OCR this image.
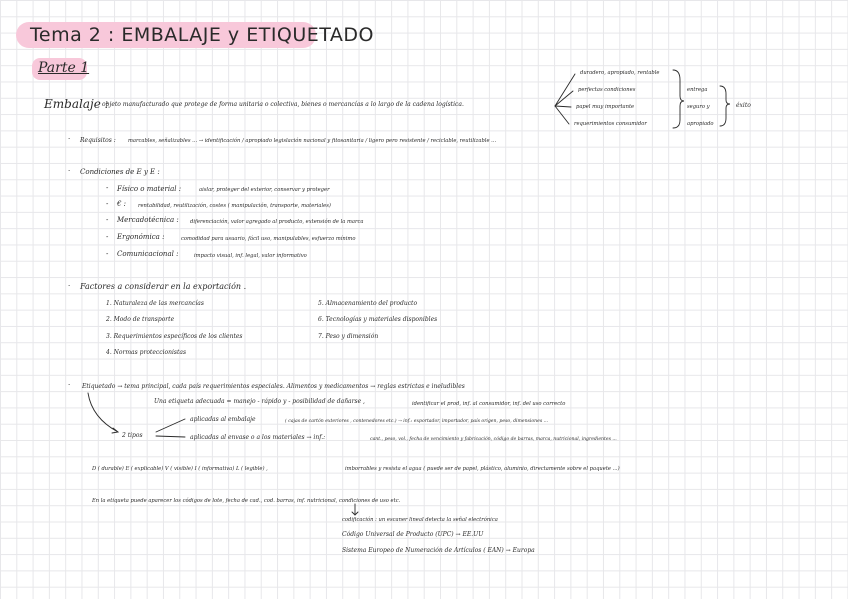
Tema 2 : EMBALAJE y ETIQUETADO
Parte 1
Embalaje :
objeto manufacturado que protege de forma unitaria o colectiva, bienes o mercancías a lo largo de la cadena logística.
duradero, apropiado, rentable
perfectas condiciones
papel muy importante
requerimientos consumidor
entrega
seguro y
apropiado
éxito
· Requisitos : marcables, señalizables ... → identificación / apropiado legislación nacional y fitosanitaria / ligero pero resistente / reciclable, reutilizable ...
· Condiciones de E y E :
- Físico o material :	aislar, proteger del exterior, conservar y proteger
- € : rentabilidad, reutilización, costes ( manipulación, transporte, materiales)
- Mercadotécnica : diferenciación, valor agregado al producto, extensión de la marca
- Ergonómica :	comodidad para usuario, fácil uso, manipulables, esfuerzo mínimo
- Comunicacional :	impacto visual, inf. legal, valor informativo
· Factores a considerar en la exportación .
1. Naturaleza de las mercancías
2. Modo de transporte
3. Requerimientos específicos de los clientes
4. Normas proteccionistas
5. Almacenamiento del producto
6. Tecnologías y materiales disponibles
7. Peso y dimensión
· Etiquetado → tema principal, cada país requerimientos especiales. Alimentos y medicamentos → reglas estrictas e ineludibles
Una etiqueta adecuada = manejo - rápido y - posibilidad de dañarse ,	identificar el prod, inf. al consumidor, inf. del uso correcto
2 tipos
aplicadas al embalaje	( cajas de cartón exteriores , contenedores etc.) → inf.: exportador, importador, país origen, peso, dimensiones ...
aplicadas al envase o a los materiales → inf.:	cant., peso, vol., fecha de vencimiento y fabricación, código de barras, marca, nutricional, ingredientes ...
D ( durable) E ( explicable) V ( visible) I ( informativa) L ( legible) ,	imborrables y resista el agua ( puede ser de papel, plástico, aluminio, directamente sobre el paquete ...)
En la etiqueta puede aparecer los códigos de lote, fecha de cad., cod. barras, inf. nutricional, condiciones de uso etc.
codificación : un escaner lineal detecta la señal electrónica
Código Universal de Producto (UPC) → EE.UU
Sistema Europeo de Numeración de Artículos ( EAN) → Europa
